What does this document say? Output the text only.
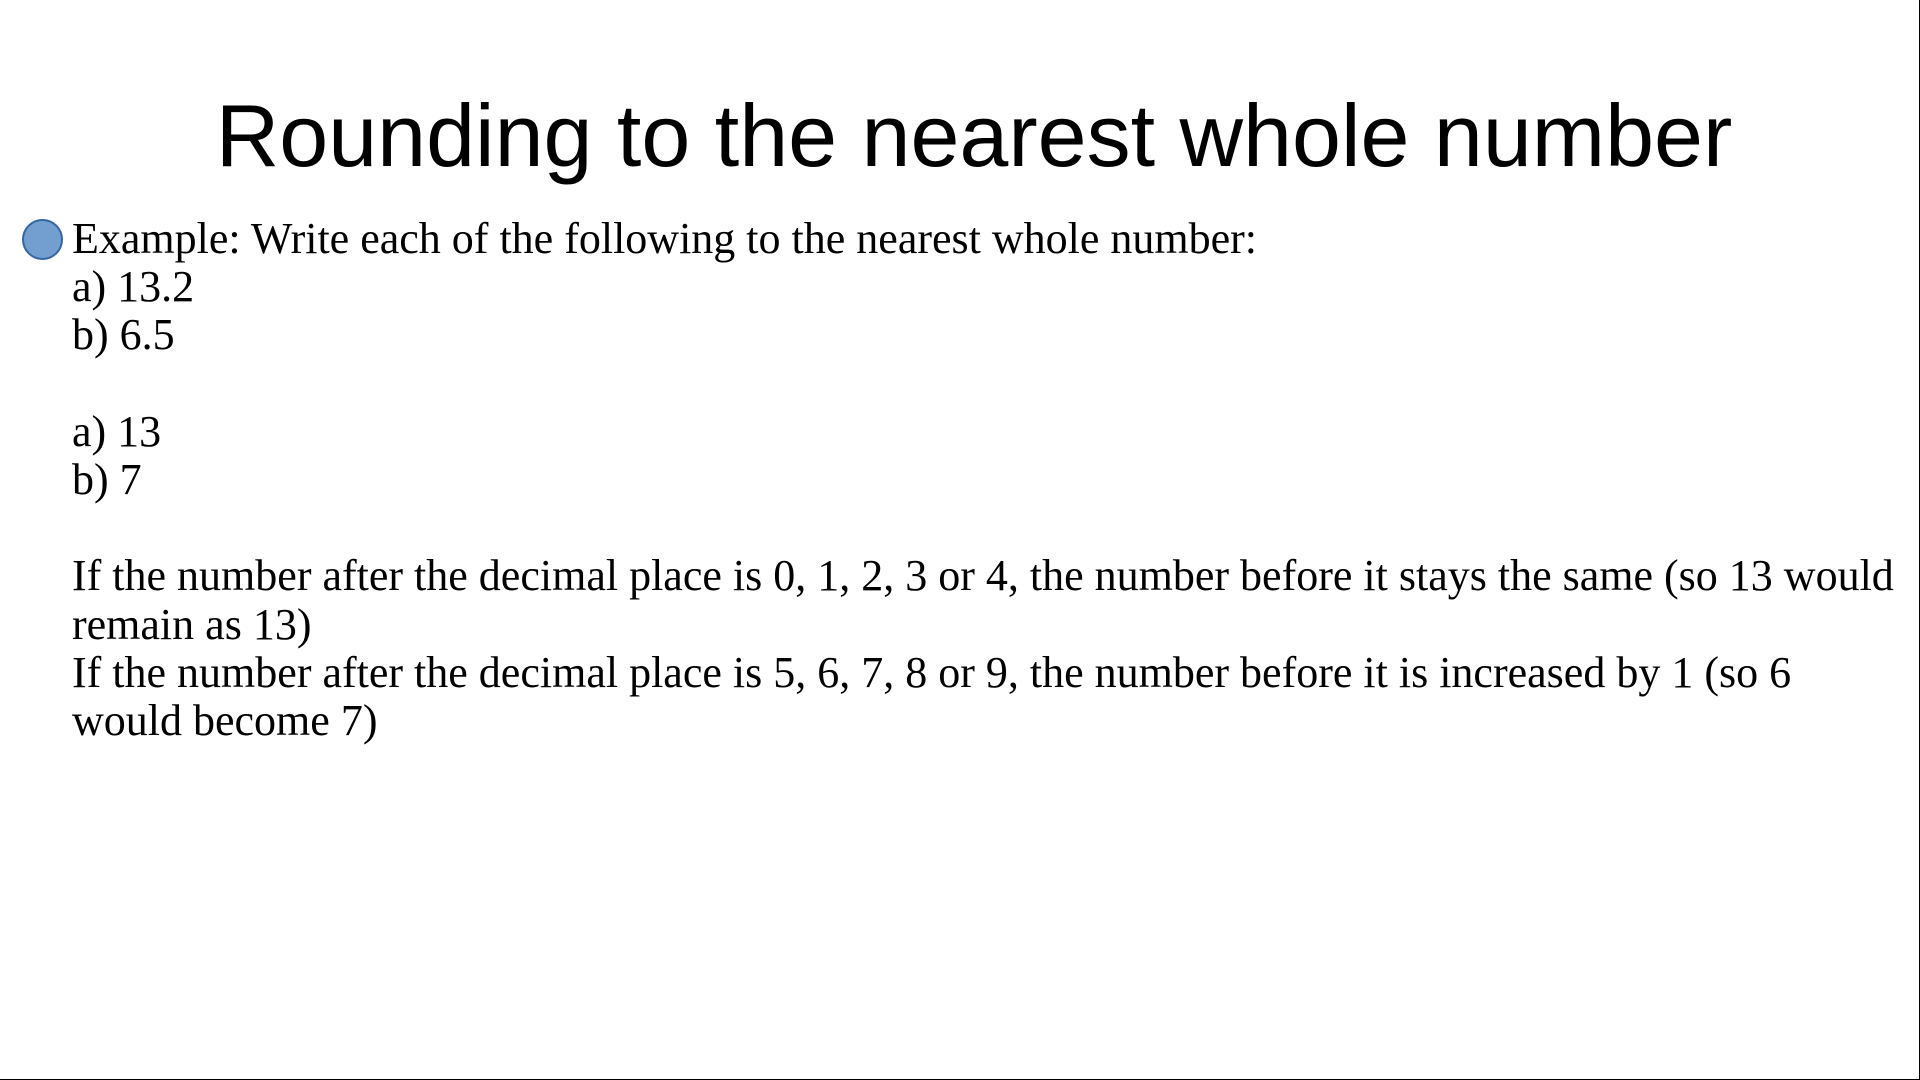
Rounding to the nearest whole number
Example: Write each of the following to the nearest whole number:
a) 13.2
b) 6.5
a) 13
b) 7
If the number after the decimal place is 0, 1, 2, 3 or 4, the number before it stays the same (so 13 would remain as 13)
If the number after the decimal place is 5, 6, 7, 8 or 9, the number before it is increased by 1 (so 6 would become 7)
